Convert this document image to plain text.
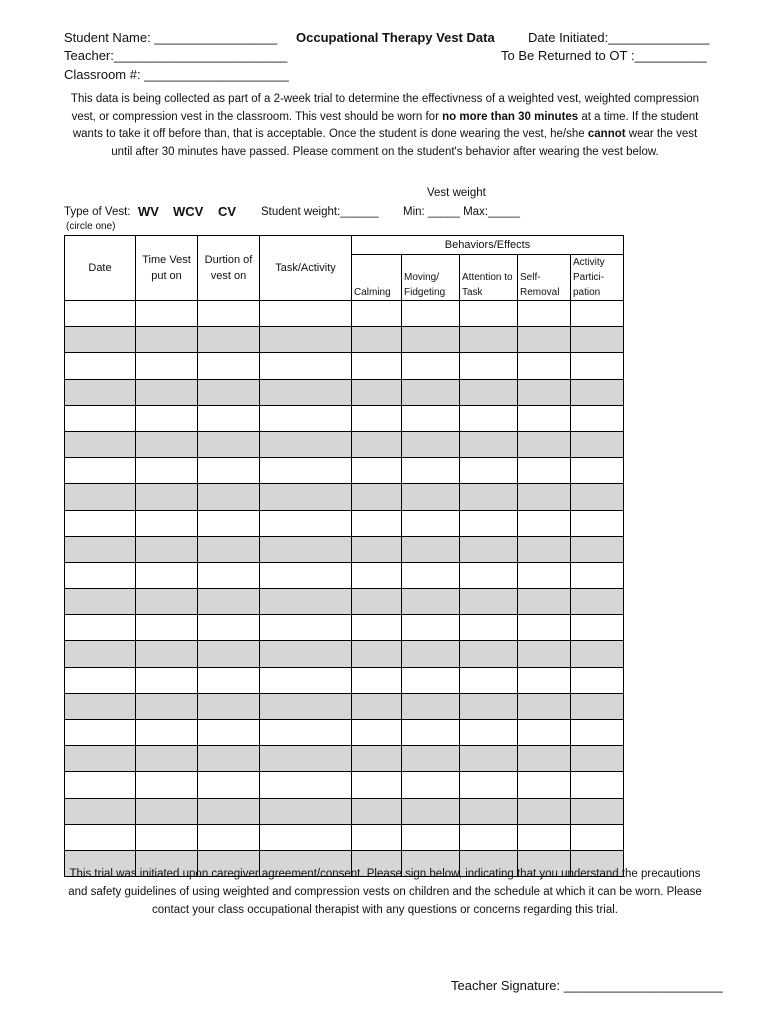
Student Name: _________________ Occupational Therapy Vest Data	Date Initiated:______________
Teacher:________________________	To Be Returned to OT :__________
Classroom #: ____________________
This data is being collected as part of a 2-week trial to determine the effectivness of a weighted vest, weighted compression vest, or compression vest in the classroom. This vest should be worn for no more than 30 minutes at a time. If the student wants to take it off before than, that is acceptable. Once the student is done wearing the vest, he/she cannot wear the vest until after 30 minutes have passed. Please comment on the student's behavior after wearing the vest below.
Vest weight
Type of Vest: WV WCV CV
(circle one)
Student weight:______ Min: _____ Max:_____
Date	Time Vest put on	Durtion of vest on	Task/Activity	Behaviors/Effects				
				Calming	Moving/ Fidgeting	Attention to Task	Self-Removal	Activity Partici-pation

This trial was initiated upon caregiver agreement/consent. Please sign below, indicating that you understand the precautions and safety guidelines of using weighted and compression vests on children and the schedule at which it can be worn. Please contact your class occupational therapist with any questions or concerns regarding this trial.
Teacher Signature: ______________________
